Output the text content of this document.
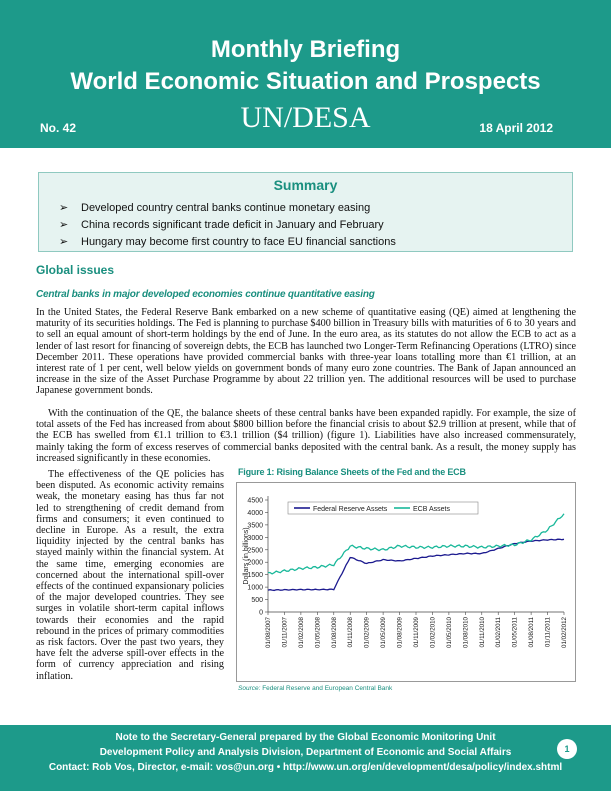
Monthly Briefing
World Economic Situation and Prospects
No. 42	UN/DESA	18 April 2012
Summary
➢ Developed country central banks continue monetary easing
➢ China records significant trade deficit in January and February
➢ Hungary may become first country to face EU financial sanctions
Global issues
Central banks in major developed economies continue quantitative easing
In the United States, the Federal Reserve Bank embarked on a new scheme of quantitative easing (QE) aimed at lengthening the maturity of its securities holdings. The Fed is planning to purchase $400 billion in Treasury bills with maturities of 6 to 30 years and to sell an equal amount of short-term holdings by the end of June. In the euro area, as its statutes do not allow the ECB to act as a lender of last resort for financing of sovereign debts, the ECB has launched two Longer-Term Refinancing Operations (LTRO) since December 2011. These operations have provided commercial banks with three-year loans totalling more than €1 trillion, at an interest rate of 1 per cent, well below yields on government bonds of many euro zone countries. The Bank of Japan announced an increase in the size of the Asset Purchase Programme by about 22 trillion yen. The additional resources will be used to purchase Japanese government bonds.
With the continuation of the QE, the balance sheets of these central banks have been expanded rapidly. For example, the size of total assets of the Fed has increased from about $800 billion before the financial crisis to about $2.9 trillion at present, while that of the ECB has swelled from €1.1 trillion to €3.1 trillion ($4 trillion) (figure 1). Liabilities have also increased commensurately, mainly taking the form of excess reserves of commercial banks deposited with the central bank. As a result, the money supply has increased significantly in these economies.
The effectiveness of the QE policies has been disputed. As economic activity remains weak, the monetary easing has thus far not led to strengthening of credit demand from firms and consumers; it even continued to decline in Europe. As a result, the extra liquidity injected by the central banks has stayed mainly within the financial system. At the same time, emerging economies are concerned about the international spill-over effects of the continued expansionary policies of the major developed countries. They see surges in volatile short-term capital inflows towards their economies and the rapid rebound in the prices of primary commodities as risk factors. Over the past two years, they have felt the adverse spill-over effects in the form of currency appreciation and rising inflation.
Figure 1: Rising Balance Sheets of the Fed and the ECB
0
500
1000
1500
2000
2500
3000
3500
4000
4500
Dollars (in billions)
01/08/2007 01/11/2007 01/02/2008 01/05/2008 01/08/2008 01/11/2008 01/02/2009 01/05/2009 01/08/2009 01/11/2009 01/02/2010 01/05/2010 01/08/2010 01/11/2010 01/02/2011 01/05/2011 01/08/2011 01/11/2011 01/02/2012
Federal Reserve Assets	ECB Assets
Source: Federal Reserve and European Central Bank
Note to the Secretary-General prepared by the Global Economic Monitoring Unit
Development Policy and Analysis Division, Department of Economic and Social Affairs
Contact: Rob Vos, Director, e-mail: vos@un.org • http://www.un.org/en/development/desa/policy/index.shtml
1
